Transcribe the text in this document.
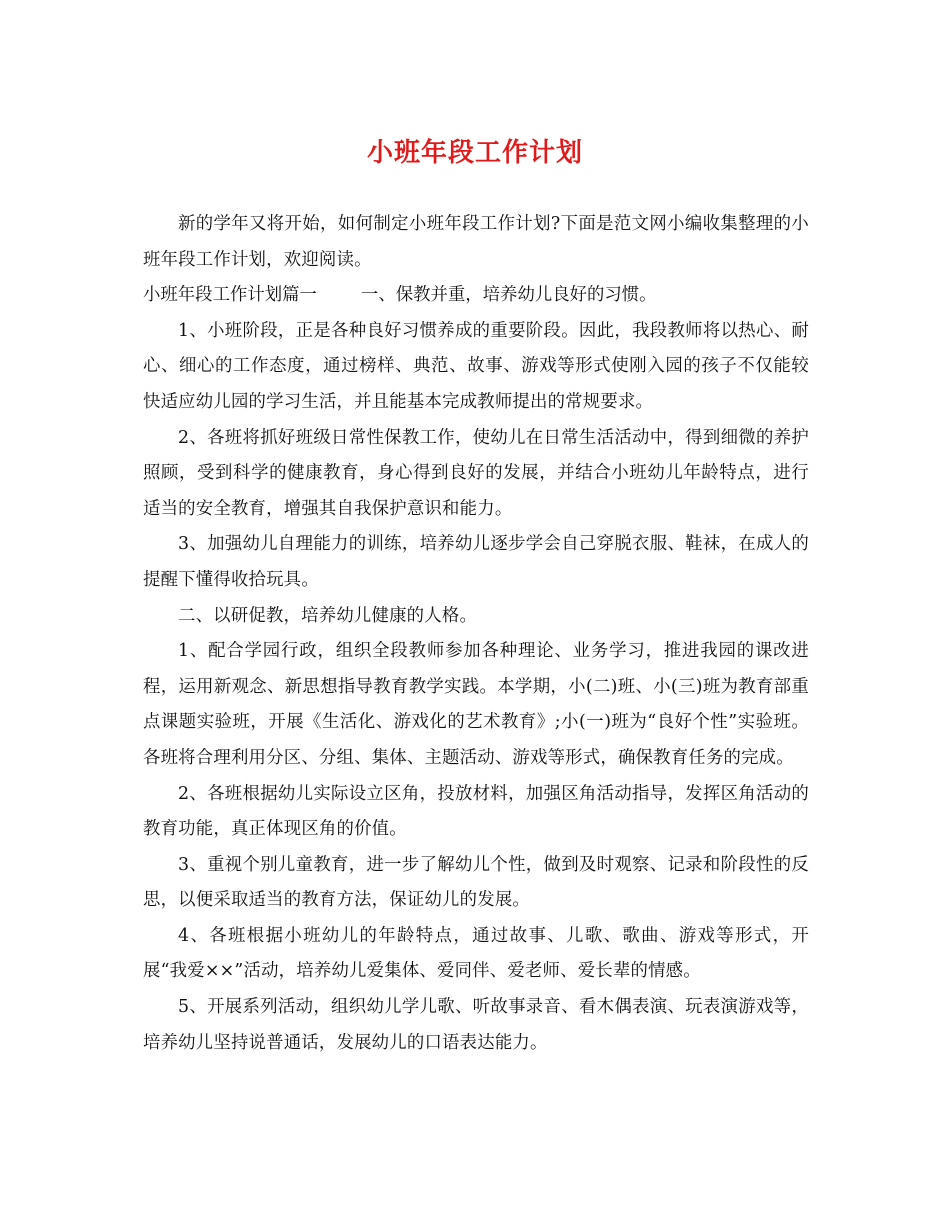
小班年段工作计划

新的学年又将开始，如何制定小班年段工作计划?下面是范文网小编收集整理的小班年段工作计划，欢迎阅读。

小班年段工作计划篇一	一、保教并重，培养幼儿良好的习惯。

1、小班阶段，正是各种良好习惯养成的重要阶段。因此，我段教师将以热心、耐心、细心的工作态度，通过榜样、典范、故事、游戏等形式使刚入园的孩子不仅能较快适应幼儿园的学习生活，并且能基本完成教师提出的常规要求。

2、各班将抓好班级日常性保教工作，使幼儿在日常生活活动中，得到细微的养护照顾，受到科学的健康教育，身心得到良好的发展，并结合小班幼儿年龄特点，进行适当的安全教育，增强其自我保护意识和能力。

3、加强幼儿自理能力的训练，培养幼儿逐步学会自己穿脱衣服、鞋袜，在成人的提醒下懂得收拾玩具。

二、以研促教，培养幼儿健康的人格。

1、配合学园行政，组织全段教师参加各种理论、业务学习，推进我园的课改进程，运用新观念、新思想指导教育教学实践。本学期，小(二)班、小(三)班为教育部重点课题实验班，开展《生活化、游戏化的艺术教育》;小(一)班为“良好个性”实验班。各班将合理利用分区、分组、集体、主题活动、游戏等形式，确保教育任务的完成。

2、各班根据幼儿实际设立区角，投放材料，加强区角活动指导，发挥区角活动的教育功能，真正体现区角的价值。

3、重视个别儿童教育，进一步了解幼儿个性，做到及时观察、记录和阶段性的反思，以便采取适当的教育方法，保证幼儿的发展。

4、各班根据小班幼儿的年龄特点，通过故事、儿歌、歌曲、游戏等形式，开展“我爱××”活动，培养幼儿爱集体、爱同伴、爱老师、爱长辈的情感。

5、开展系列活动，组织幼儿学儿歌、听故事录音、看木偶表演、玩表演游戏等，培养幼儿坚持说普通话，发展幼儿的口语表达能力。
